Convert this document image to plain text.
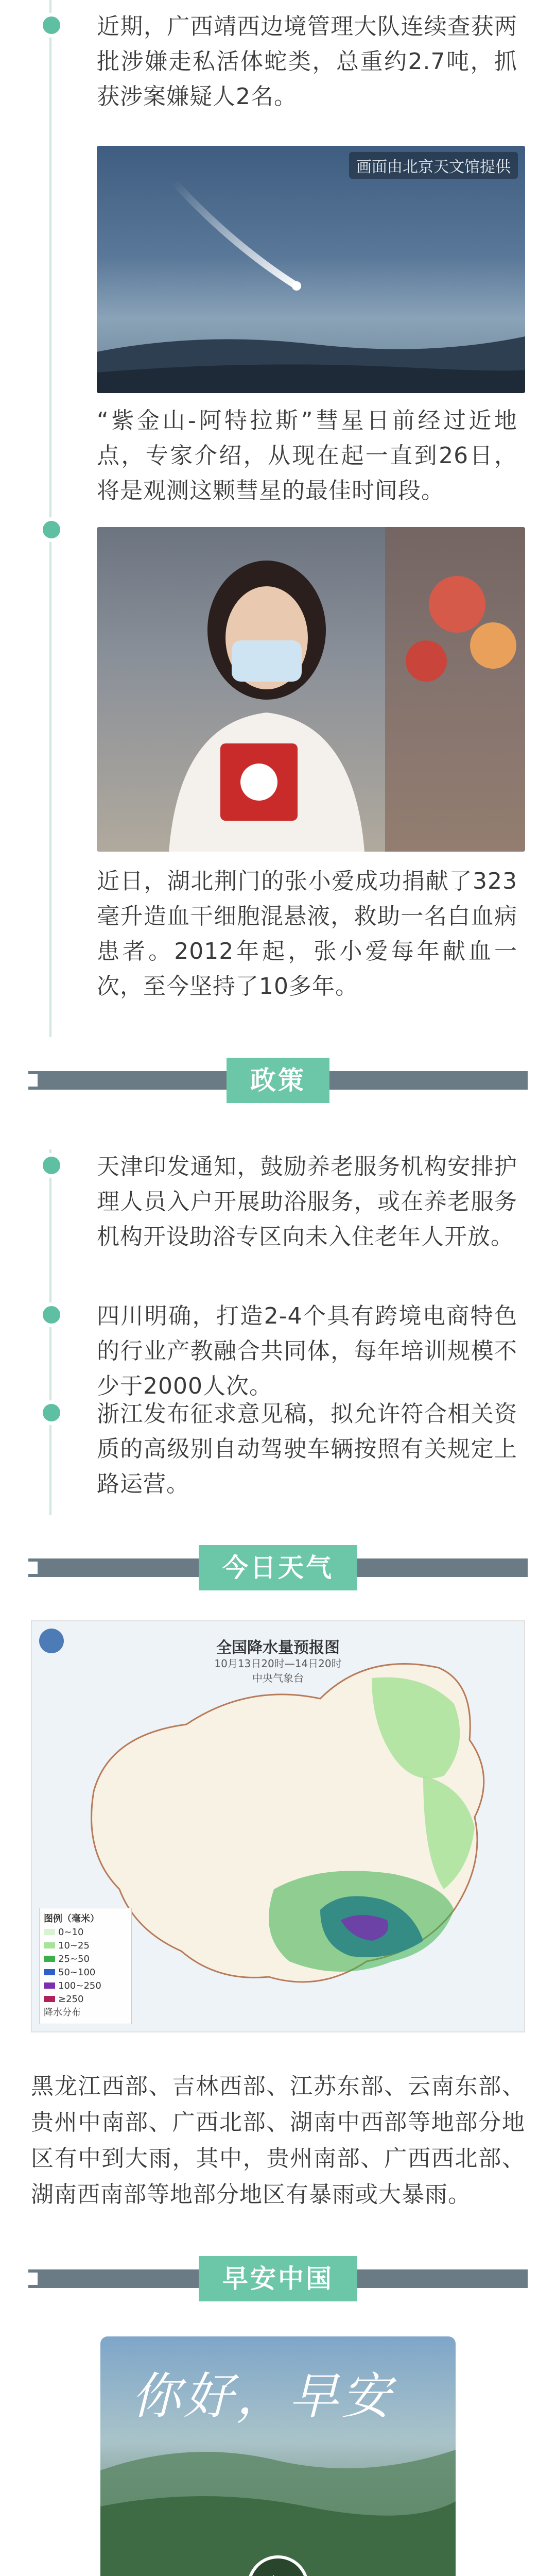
近期，广西靖西边境管理大队连续查获两批涉嫌走私活体蛇类，总重约2.7吨，抓获涉案嫌疑人2名。

画面由北京天文馆提供

“紫金山-阿特拉斯”彗星日前经过近地点，专家介绍，从现在起一直到26日，将是观测这颗彗星的最佳时间段。

近日，湖北荆门的张小爱成功捐献了323毫升造血干细胞混悬液，救助一名白血病患者。2012年起，张小爱每年献血一次，至今坚持了10多年。

政策

天津印发通知，鼓励养老服务机构安排护理人员入户开展助浴服务，或在养老服务机构开设助浴专区向未入住老年人开放。

四川明确，打造2-4个具有跨境电商特色的行业产教融合共同体，每年培训规模不少于2000人次。

浙江发布征求意见稿，拟允许符合相关资质的高级别自动驾驶车辆按照有关规定上路运营。

今日天气
全国降水量预报图
10月13日20时—14日20时
中央气象台
图例（毫米）
0~10
10~25
25~50
50~100
100~250
≥250
降水分布

黑龙江西部、吉林西部、江苏东部、云南东部、贵州中南部、广西北部、湖南中西部等地部分地区有中到大雨，其中，贵州南部、广西西北部、湖南西南部等地部分地区有暴雨或大暴雨。

早安中国
你好，早安
